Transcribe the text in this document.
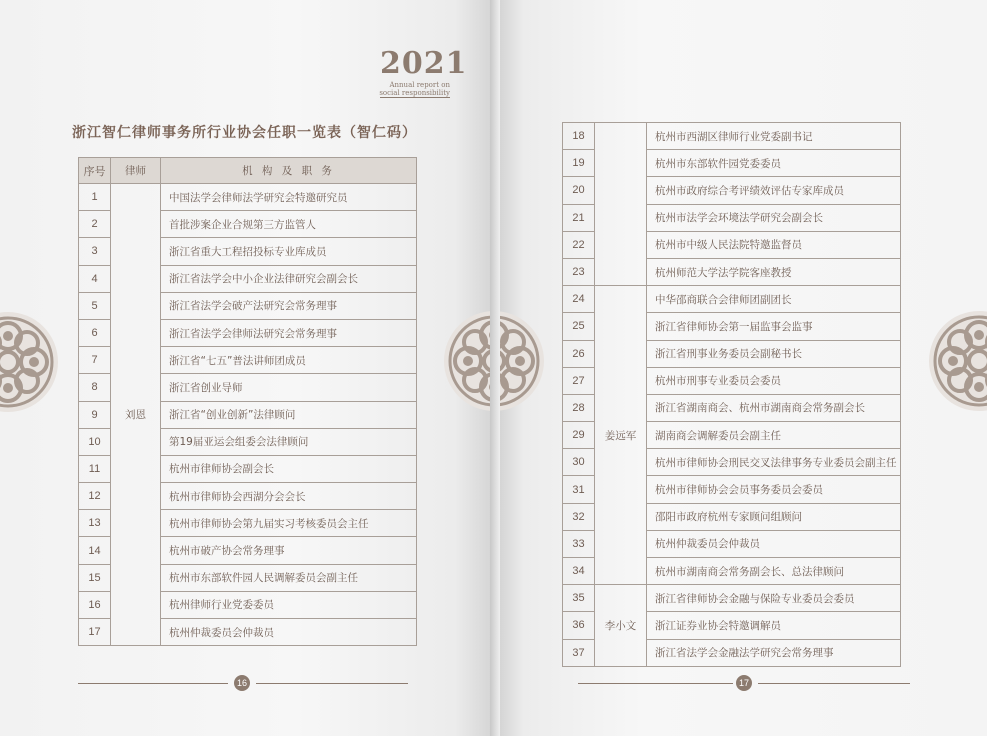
2021
Annual report on
social responsibility
浙江智仁律师事务所行业协会任职一览表（智仁码）
序号	律师	机 构 及 职 务
1	刘恩	中国法学会律师法学研究会特邀研究员
2		首批涉案企业合规第三方监管人
3		浙江省重大工程招投标专业库成员
4		浙江省法学会中小企业法律研究会副会长
5		浙江省法学会破产法研究会常务理事
6		浙江省法学会律师法研究会常务理事
7		浙江省“七五”普法讲师团成员
8		浙江省创业导师
9		浙江省“创业创新”法律顾问
10		第19届亚运会组委会法律顾问
11		杭州市律师协会副会长
12		杭州市律师协会西湖分会会长
13		杭州市律师协会第九届实习考核委员会主任
14		杭州市破产协会常务理事
15		杭州市东部软件园人民调解委员会副主任
16		杭州律师行业党委委员
17		杭州仲裁委员会仲裁员
16
18		杭州市西湖区律师行业党委副书记
19		杭州市东部软件园党委委员
20		杭州市政府综合考评绩效评估专家库成员
21		杭州市法学会环境法学研究会副会长
22		杭州市中级人民法院特邀监督员
23		杭州师范大学法学院客座教授
24	姜远军	中华邵商联合会律师团副团长
25		浙江省律师协会第一届监事会监事
26		浙江省刑事业务委员会副秘书长
27		杭州市刑事专业委员会委员
28		浙江省湖南商会、杭州市湖南商会常务副会长
29		湖南商会调解委员会副主任
30		杭州市律师协会刑民交叉法律事务专业委员会副主任
31		杭州市律师协会会员事务委员会委员
32		邵阳市政府杭州专家顾问组顾问
33		杭州仲裁委员会仲裁员
34		杭州市湖南商会常务副会长、总法律顾问
35	李小文	浙江省律师协会金融与保险专业委员会委员
36		浙江证券业协会特邀调解员
37		浙江省法学会金融法学研究会常务理事
17
